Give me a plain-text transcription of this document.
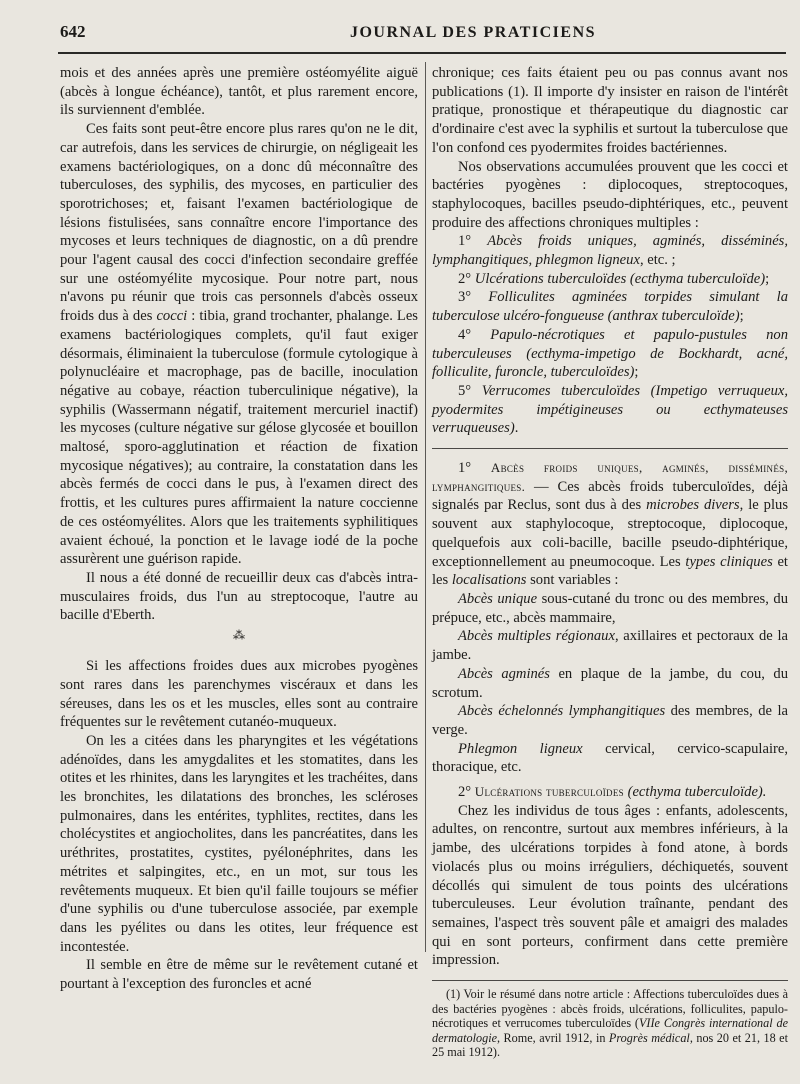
642	JOURNAL DES PRATICIENS

mois et des années après une première ostéomyélite aiguë (abcès à longue échéance), tantôt, et plus rarement encore, ils surviennent d'emblée.

Ces faits sont peut-être encore plus rares qu'on ne le dit, car autrefois, dans les services de chirurgie, on négligeait les examens bactériologiques, on a donc dû méconnaître des tuberculoses, des syphilis, des mycoses, en particulier des sporotrichoses; et, faisant l'examen bactériologique de lésions fistulisées, sans connaître encore l'importance des mycoses et leurs techniques de diagnostic, on a dû prendre pour l'agent causal des cocci d'infection secondaire greffée sur une ostéomyélite mycosique. Pour notre part, nous n'avons pu réunir que trois cas personnels d'abcès osseux froids dus à des cocci : tibia, grand trochanter, phalange. Les examens bactériologiques complets, qu'il faut exiger désormais, éliminaient la tuberculose (formule cytologique à polynucléaire et macrophage, pas de bacille, inoculation négative au cobaye, réaction tuberculinique négative), la syphilis (Wassermann négatif, traitement mercuriel inactif) les mycoses (culture négative sur gélose glycosée et bouillon maltosé, sporo-agglutination et réaction de fixation mycosique négatives); au contraire, la constatation dans les abcès fermés de cocci dans le pus, à l'examen direct des frottis, et les cultures pures affirmaient la nature coccienne de ces ostéomyélites. Alors que les traitements syphilitiques avaient échoué, la ponction et le lavage iodé de la poche assurèrent une guérison rapide.

Il nous a été donné de recueillir deux cas d'abcès intra-musculaires froids, dus l'un au streptocoque, l'autre au bacille d'Eberth.

⁂

Si les affections froides dues aux microbes pyogènes sont rares dans les parenchymes viscéraux et dans les séreuses, dans les os et les muscles, elles sont au contraire fréquentes sur le revêtement cutanéo-muqueux.

On les a citées dans les pharyngites et les végétations adénoïdes, dans les amygdalites et les stomatites, dans les otites et les rhinites, dans les laryngites et les trachéites, dans les bronchites, les dilatations des bronches, les scléroses pulmonaires, dans les entérites, typhlites, rectites, dans les cholécystites et angiocholites, dans les pancréatites, dans les uréthrites, prostatites, cystites, pyélonéphrites, dans les métrites et salpingites, etc., en un mot, sur tous les revêtements muqueux. Et bien qu'il faille toujours se méfier d'une syphilis ou d'une tuberculose associée, par exemple dans les pyélites ou dans les otites, leur fréquence est incontestée.

Il semble en être de même sur le revêtement cutané et pourtant à l'exception des furoncles et acné

chronique; ces faits étaient peu ou pas connus avant nos publications (1). Il importe d'y insister en raison de l'intérêt pratique, pronostique et thérapeutique du diagnostic car d'ordinaire c'est avec la syphilis et surtout la tuberculose que l'on confond ces pyodermites froides bactériennes.

Nos observations accumulées prouvent que les cocci et bactéries pyogènes : diplocoques, streptocoques, staphylocoques, bacilles pseudo-diphtériques, etc., peuvent produire des affections chroniques multiples :

1° Abcès froids uniques, agminés, disséminés, lymphangitiques, phlegmon ligneux, etc. ;

2° Ulcérations tuberculoïdes (ecthyma tuberculoïde);

3° Folliculites agminées torpides simulant la tuberculose ulcéro-fongueuse (anthrax tuberculoïde);

4° Papulo-nécrotiques et papulo-pustules non tuberculeuses (ecthyma-impetigo de Bockhardt, acné, folliculite, furoncle, tuberculoïdes);

5° Verrucomes tuberculoïdes (Impetigo verruqueux, pyodermites impétigineuses ou ecthymateuses verruqueuses).

1° Abcès froids uniques, agminés, disséminés, lymphangitiques. — Ces abcès froids tuberculoïdes, déjà signalés par Reclus, sont dus à des microbes divers, le plus souvent aux staphylocoque, streptocoque, diplocoque, quelquefois aux coli-bacille, bacille pseudo-diphtérique, exceptionnellement au pneumocoque. Les types cliniques et les localisations sont variables :

Abcès unique sous-cutané du tronc ou des membres, du prépuce, etc., abcès mammaire,

Abcès multiples régionaux, axillaires et pectoraux de la jambe.

Abcès agminés en plaque de la jambe, du cou, du scrotum.

Abcès échelonnés lymphangitiques des membres, de la verge.

Phlegmon ligneux cervical, cervico-scapulaire, thoracique, etc.

2° Ulcérations tuberculoïdes (ecthyma tuberculoïde).

Chez les individus de tous âges : enfants, adolescents, adultes, on rencontre, surtout aux membres inférieurs, à la jambe, des ulcérations torpides à fond atone, à bords violacés plus ou moins irréguliers, déchiquetés, souvent décollés qui simulent de tous points des ulcérations tuberculeuses. Leur évolution traînante, pendant des semaines, l'aspect très souvent pâle et amaigri des malades qui en sont porteurs, confirment dans cette première impression.

(1) Voir le résumé dans notre article : Affections tuberculoïdes dues à des bactéries pyogènes : abcès froids, ulcérations, folliculites, papulo-nécrotiques et verrucomes tuberculoïdes (VIIe Congrès international de dermatologie, Rome, avril 1912, in Progrès médical, nos 20 et 21, 18 et 25 mai 1912).
